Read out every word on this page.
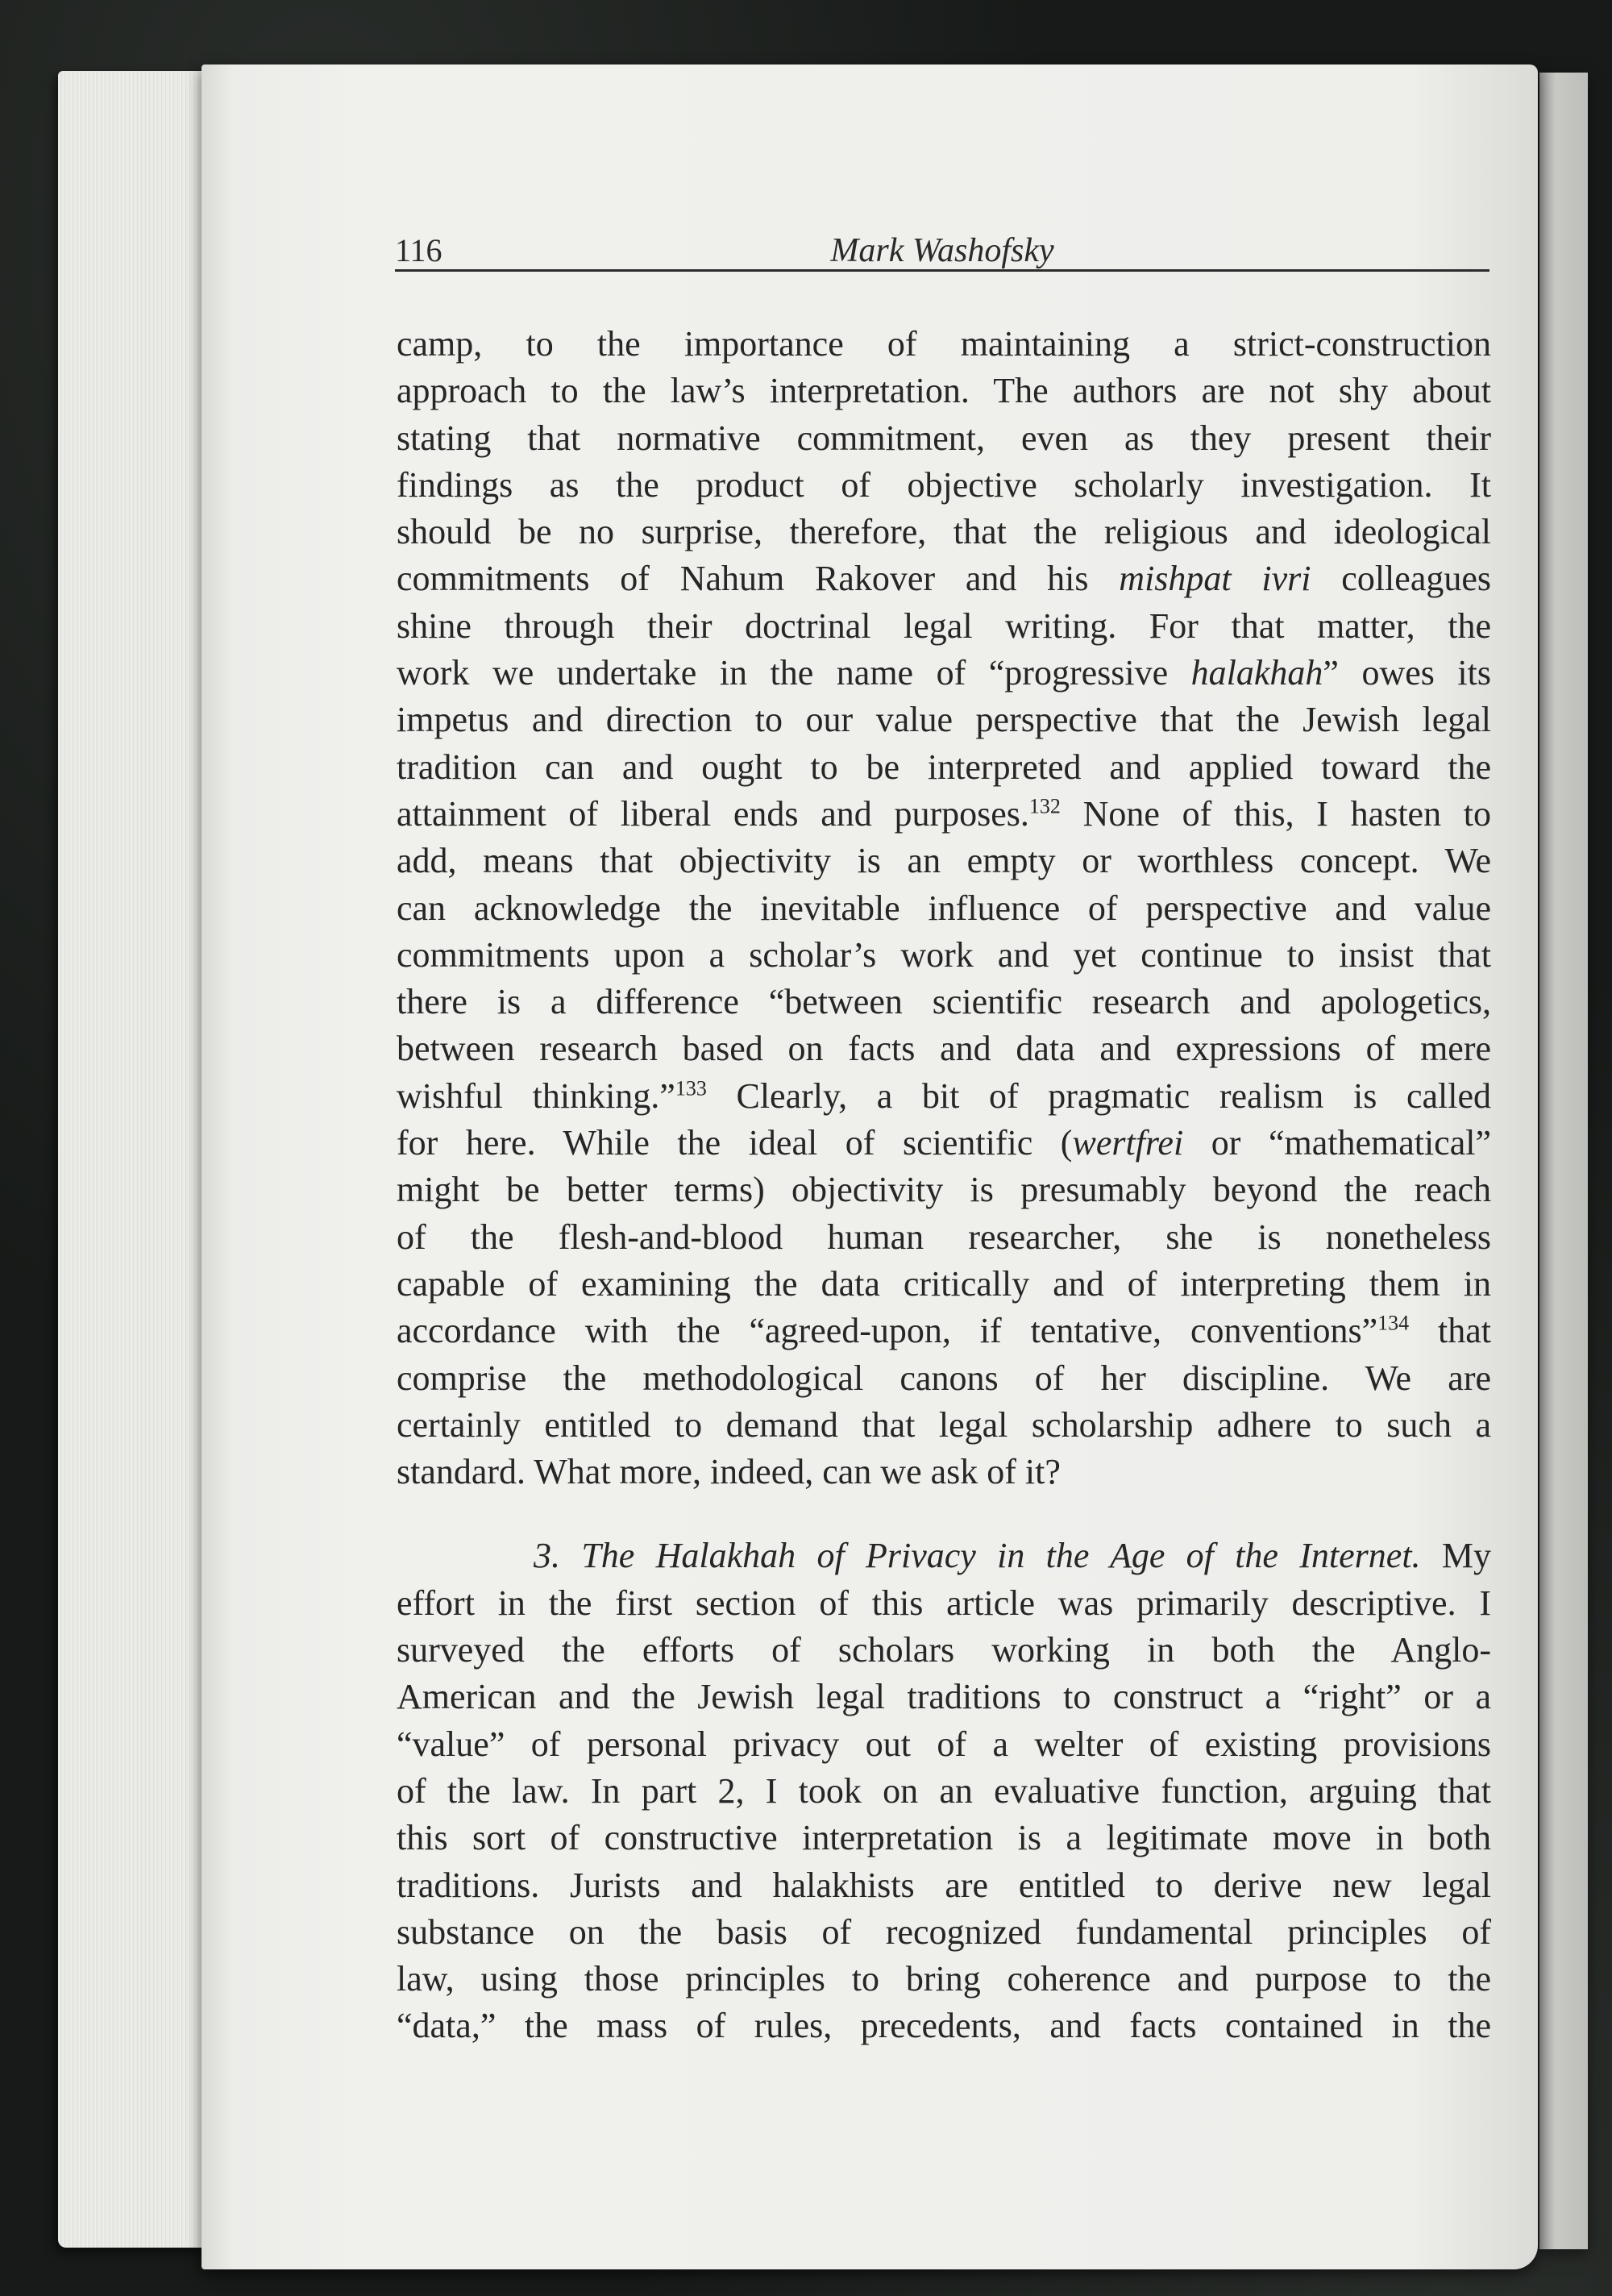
116	Mark Washofsky
camp, to the importance of maintaining a strict-construction
approach to the law’s interpretation. The authors are not shy about
stating that normative commitment, even as they present their
findings as the product of objective scholarly investigation. It
should be no surprise, therefore, that the religious and ideological
commitments of Nahum Rakover and his mishpat ivri colleagues
shine through their doctrinal legal writing. For that matter, the
work we undertake in the name of “progressive halakhah” owes its
impetus and direction to our value perspective that the Jewish legal
tradition can and ought to be interpreted and applied toward the
attainment of liberal ends and purposes.$^{132}$ None of this, I hasten to
add, means that objectivity is an empty or worthless concept. We
can acknowledge the inevitable influence of perspective and value
commitments upon a scholar’s work and yet continue to insist that
there is a difference “between scientific research and apologetics,
between research based on facts and data and expressions of mere
wishful thinking.”$^{133}$ Clearly, a bit of pragmatic realism is called
for here. While the ideal of scientific (wertfrei or “mathematical”
might be better terms) objectivity is presumably beyond the reach
of the flesh-and-blood human researcher, she is nonetheless
capable of examining the data critically and of interpreting them in
accordance with the “agreed-upon, if tentative, conventions”$^{134}$ that
comprise the methodological canons of her discipline. We are
certainly entitled to demand that legal scholarship adhere to such a
standard. What more, indeed, can we ask of it?
3. The Halakhah of Privacy in the Age of the Internet. My
effort in the first section of this article was primarily descriptive. I
surveyed the efforts of scholars working in both the Anglo-
American and the Jewish legal traditions to construct a “right” or a
“value” of personal privacy out of a welter of existing provisions
of the law. In part 2, I took on an evaluative function, arguing that
this sort of constructive interpretation is a legitimate move in both
traditions. Jurists and halakhists are entitled to derive new legal
substance on the basis of recognized fundamental principles of
law, using those principles to bring coherence and purpose to the
“data,” the mass of rules, precedents, and facts contained in the
